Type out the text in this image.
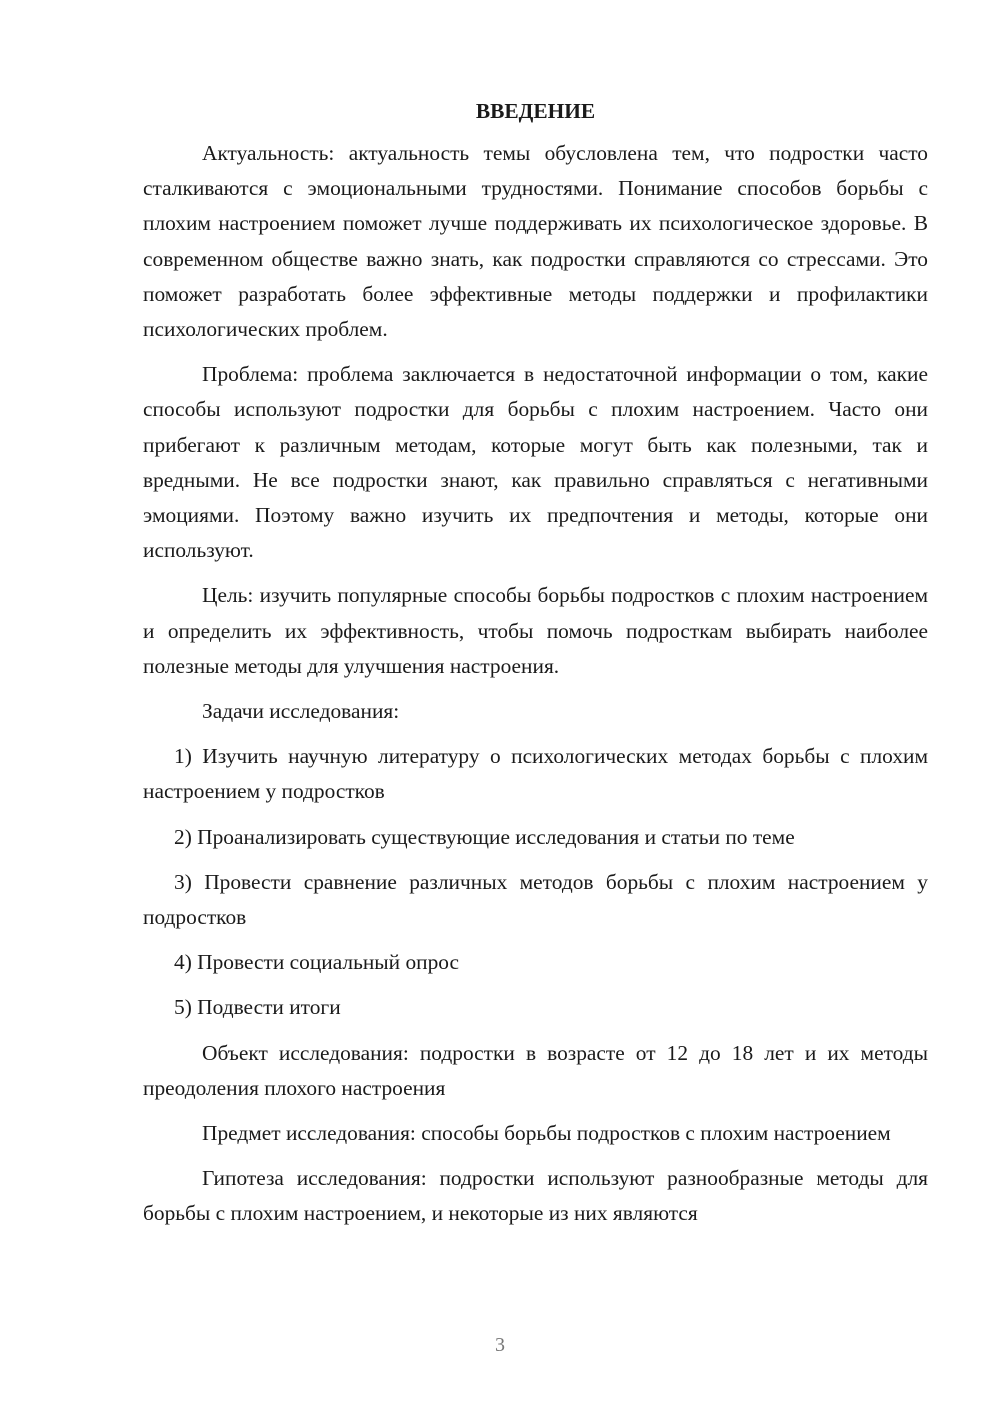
ВВЕДЕНИЕ

Актуальность: актуальность темы обусловлена тем, что подростки часто сталкиваются с эмоциональными трудностями. Понимание способов борьбы с плохим настроением поможет лучше поддерживать их психологическое здоровье. В современном обществе важно знать, как подростки справляются со стрессами. Это поможет разработать более эффективные методы поддержки и профилактики психологических проблем.

Проблема: проблема заключается в недостаточной информации о том, какие способы используют подростки для борьбы с плохим настроением. Часто они прибегают к различным методам, которые могут быть как полезными, так и вредными. Не все подростки знают, как правильно справляться с негативными эмоциями. Поэтому важно изучить их предпочтения и методы, которые они используют.

Цель: изучить популярные способы борьбы подростков с плохим настроением и определить их эффективность, чтобы помочь подросткам выбирать наиболее полезные методы для улучшения настроения.

Задачи исследования:

1) Изучить научную литературу о психологических методах борьбы с плохим настроением у подростков

2) Проанализировать существующие исследования и статьи по теме

3) Провести сравнение различных методов борьбы с плохим настроением у подростков

4) Провести социальный опрос

5) Подвести итоги

Объект исследования: подростки в возрасте от 12 до 18 лет и их методы преодоления плохого настроения

Предмет исследования: способы борьбы подростков с плохим настроением

Гипотеза исследования: подростки используют разнообразные методы для борьбы с плохим настроением, и некоторые из них являются

3
